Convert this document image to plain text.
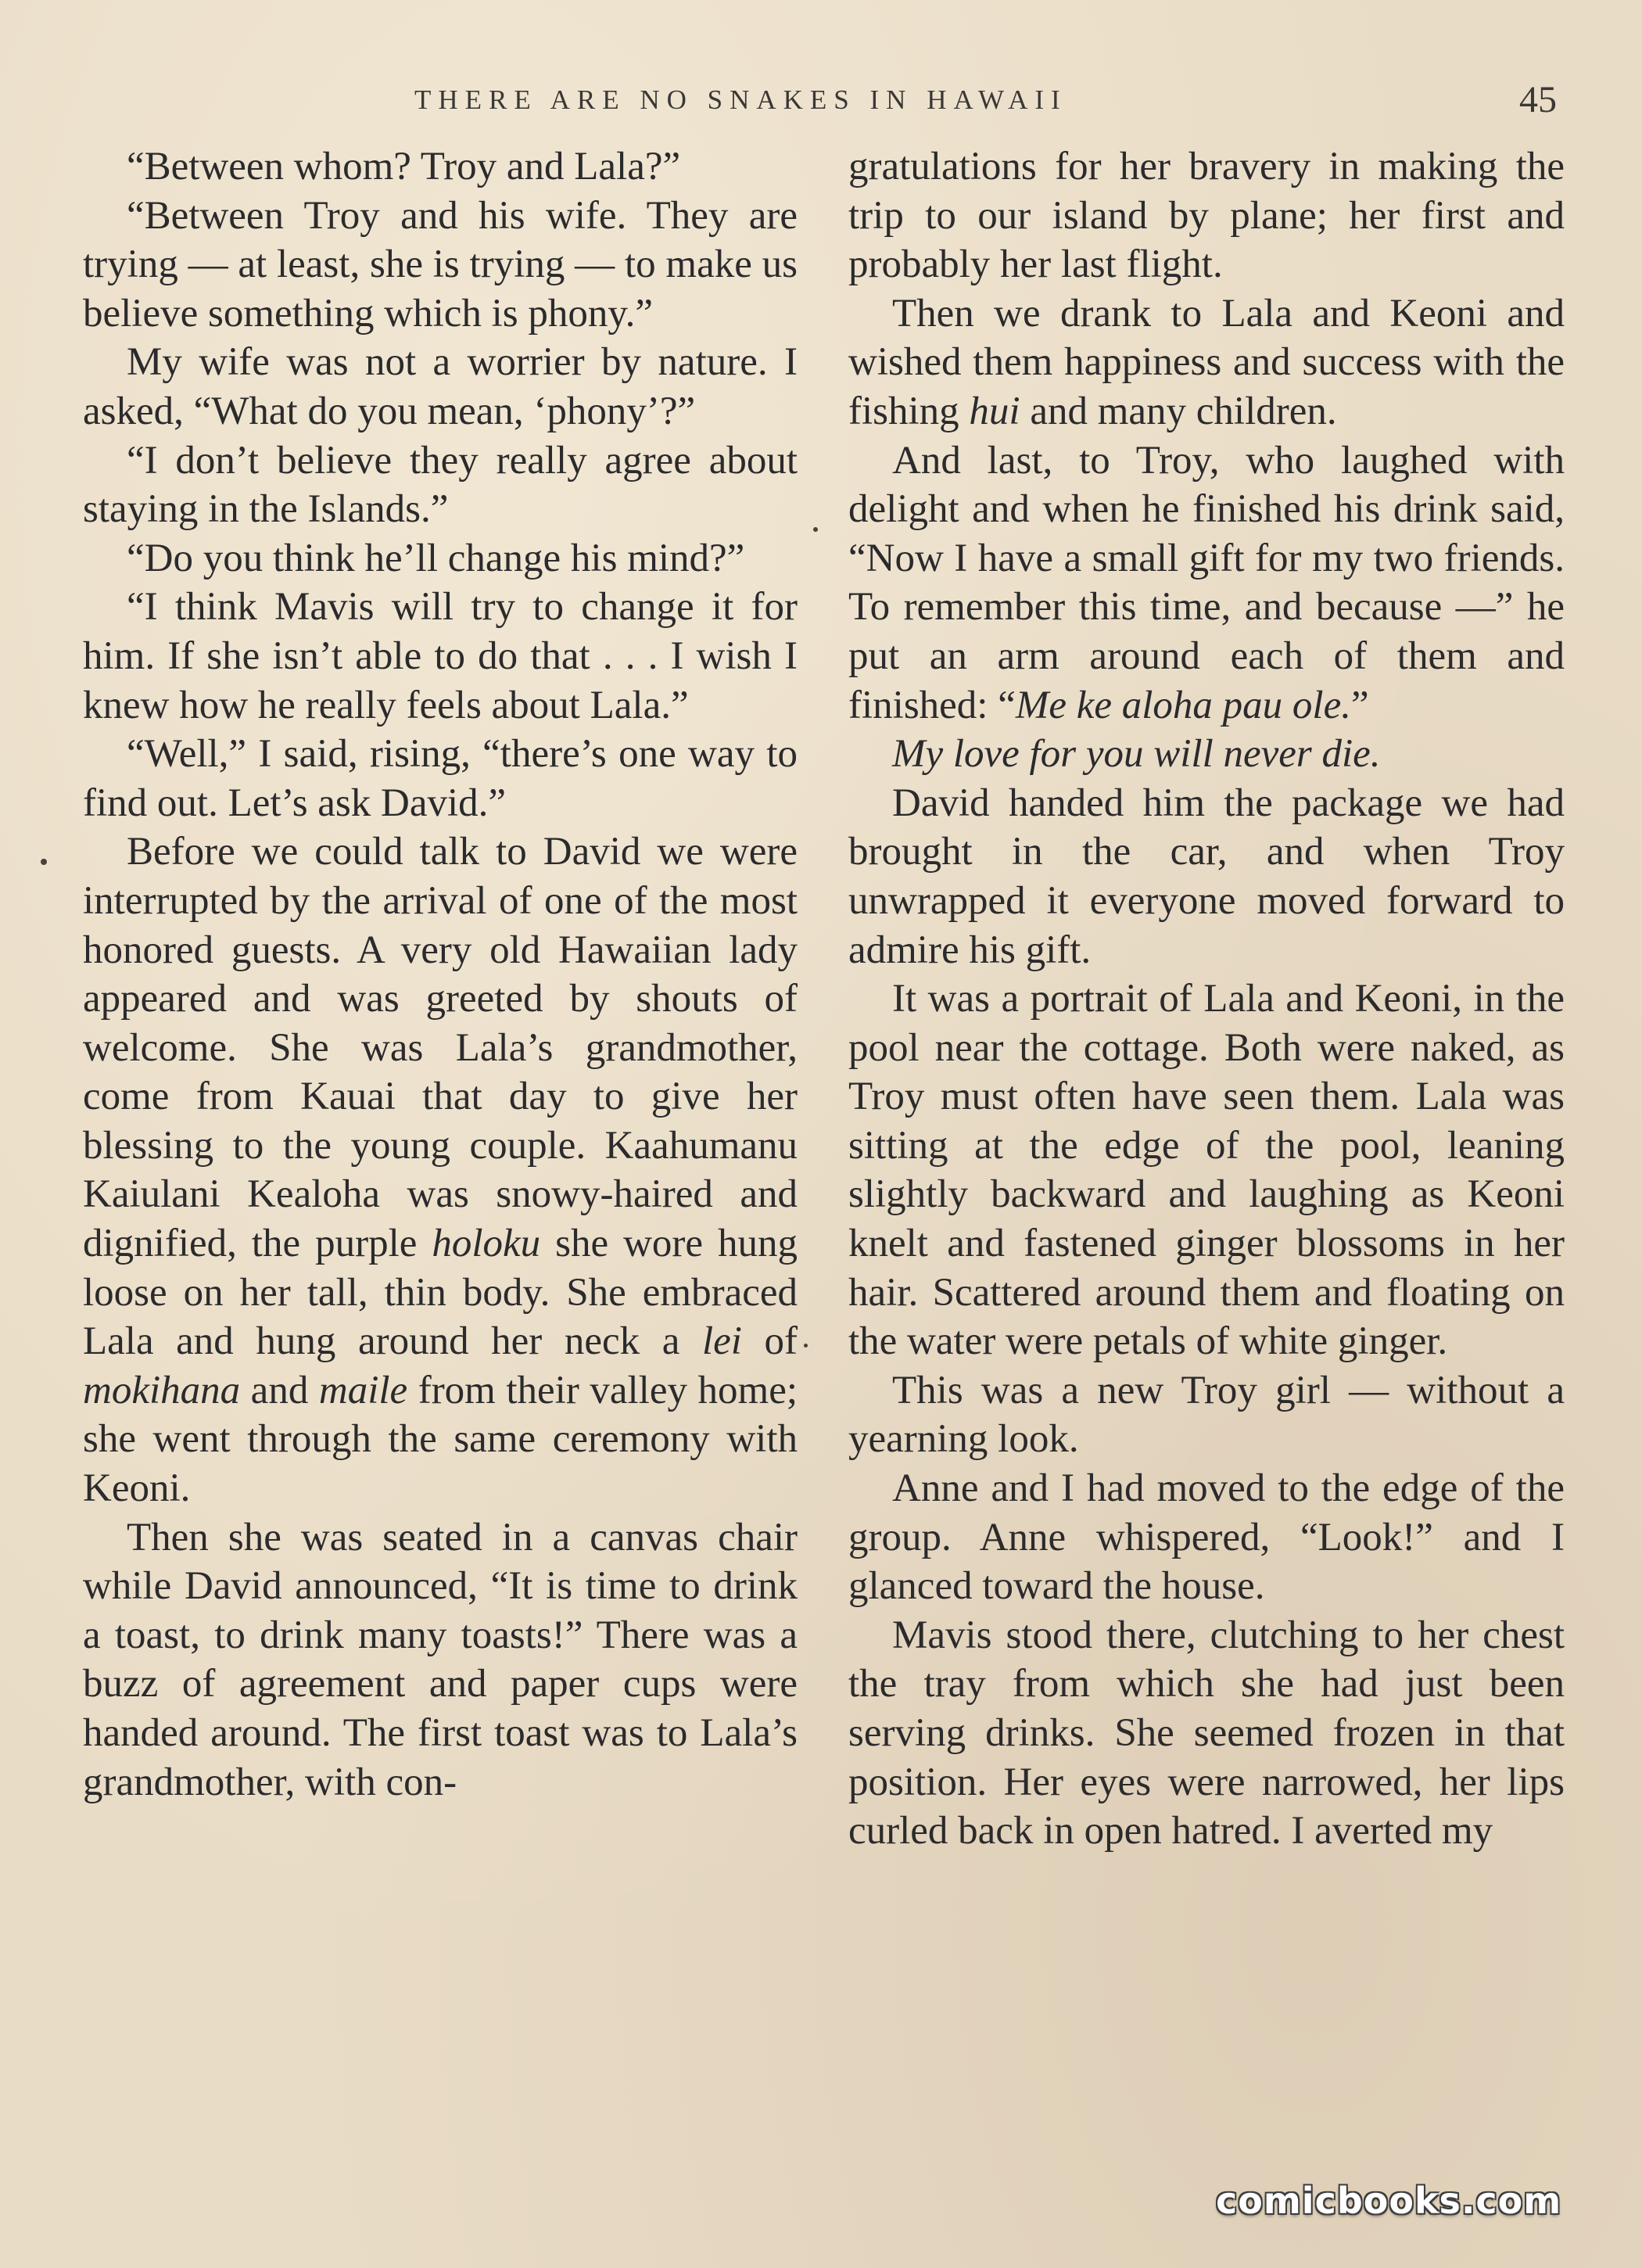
THERE ARE NO SNAKES IN HAWAII	45

“Between whom? Troy and Lala?”

“Between Troy and his wife. They are trying — at least, she is trying — to make us believe something which is phony.”

My wife was not a worrier by nature. I asked, “What do you mean, ‘phony’?”

“I don’t believe they really agree about staying in the Islands.”

“Do you think he’ll change his mind?”

“I think Mavis will try to change it for him. If she isn’t able to do that . . . I wish I knew how he really feels about Lala.”

“Well,” I said, rising, “there’s one way to find out. Let’s ask David.”

Before we could talk to David we were interrupted by the arrival of one of the most honored guests. A very old Hawaiian lady appeared and was greeted by shouts of welcome. She was Lala’s grandmother, come from Kauai that day to give her blessing to the young couple. Kaahumanu Kaiulani Kealoha was snowy-haired and dignified, the purple holoku she wore hung loose on her tall, thin body. She embraced Lala and hung around her neck a lei of mokihana and maile from their valley home; she went through the same ceremony with Keoni.

Then she was seated in a canvas chair while David announced, “It is time to drink a toast, to drink many toasts!” There was a buzz of agreement and paper cups were handed around. The first toast was to Lala’s grandmother, with con-

gratulations for her bravery in making the trip to our island by plane; her first and probably her last flight.

Then we drank to Lala and Keoni and wished them happiness and success with the fishing hui and many children.

And last, to Troy, who laughed with delight and when he finished his drink said, “Now I have a small gift for my two friends. To remember this time, and because —” he put an arm around each of them and finished: “Me ke aloha pau ole.”

My love for you will never die.

David handed him the package we had brought in the car, and when Troy unwrapped it everyone moved forward to admire his gift.

It was a portrait of Lala and Keoni, in the pool near the cottage. Both were naked, as Troy must often have seen them. Lala was sitting at the edge of the pool, leaning slightly backward and laughing as Keoni knelt and fastened ginger blossoms in her hair. Scattered around them and floating on the water were petals of white ginger.

This was a new Troy girl — without a yearning look.

Anne and I had moved to the edge of the group. Anne whispered, “Look!” and I glanced toward the house.

Mavis stood there, clutching to her chest the tray from which she had just been serving drinks. She seemed frozen in that position. Her eyes were narrowed, her lips curled back in open hatred. I averted my

comicbooks.com
